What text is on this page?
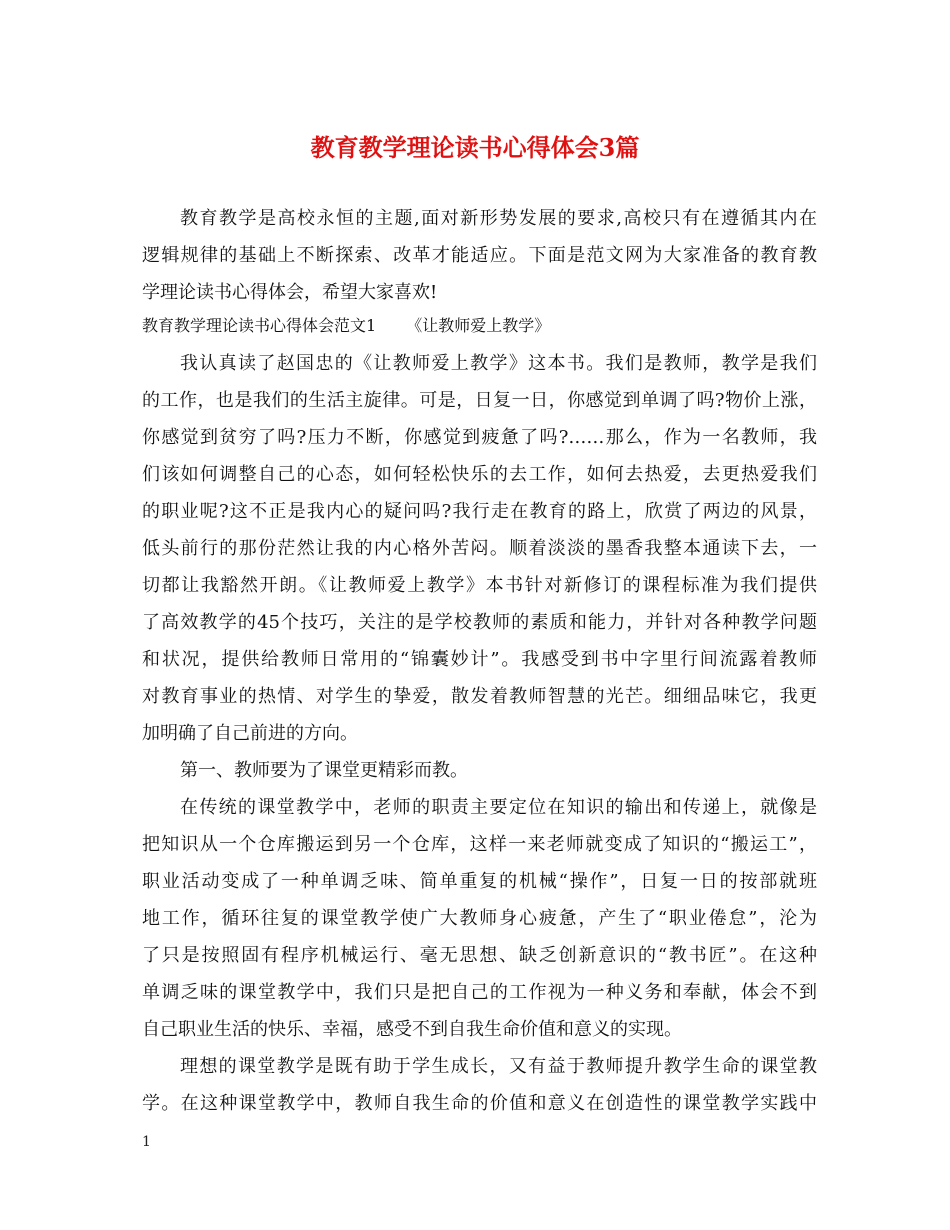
教育教学理论读书心得体会3篇
教育教学是高校永恒的主题,面对新形势发展的要求,高校只有在遵循其内在
逻辑规律的基础上不断探索、改革才能适应。下面是范文网为大家准备的教育教
学理论读书心得体会，希望大家喜欢!
教育教学理论读书心得体会范文1 《让教师爱上教学》
我认真读了赵国忠的《让教师爱上教学》这本书。我们是教师，教学是我们
的工作，也是我们的生活主旋律。可是，日复一日，你感觉到单调了吗?物价上涨，
你感觉到贫穷了吗?压力不断，你感觉到疲惫了吗?……那么，作为一名教师，我
们该如何调整自己的心态，如何轻松快乐的去工作，如何去热爱，去更热爱我们
的职业呢?这不正是我内心的疑问吗?我行走在教育的路上，欣赏了两边的风景，
低头前行的那份茫然让我的内心格外苦闷。顺着淡淡的墨香我整本通读下去，一
切都让我豁然开朗。《让教师爱上教学》本书针对新修订的课程标准为我们提供
了高效教学的45个技巧，关注的是学校教师的素质和能力，并针对各种教学问题
和状况，提供给教师日常用的“锦囊妙计”。我感受到书中字里行间流露着教师
对教育事业的热情、对学生的挚爱，散发着教师智慧的光芒。细细品味它，我更
加明确了自己前进的方向。
第一、教师要为了课堂更精彩而教。
在传统的课堂教学中，老师的职责主要定位在知识的输出和传递上，就像是
把知识从一个仓库搬运到另一个仓库，这样一来老师就变成了知识的“搬运工”，
职业活动变成了一种单调乏味、简单重复的机械“操作”，日复一日的按部就班
地工作，循环往复的课堂教学使广大教师身心疲惫，产生了“职业倦怠”，沦为
了只是按照固有程序机械运行、毫无思想、缺乏创新意识的“教书匠”。在这种
单调乏味的课堂教学中，我们只是把自己的工作视为一种义务和奉献，体会不到
自己职业生活的快乐、幸福，感受不到自我生命价值和意义的实现。
理想的课堂教学是既有助于学生成长，又有益于教师提升教学生命的课堂教
学。在这种课堂教学中，教师自我生命的价值和意义在创造性的课堂教学实践中
1
